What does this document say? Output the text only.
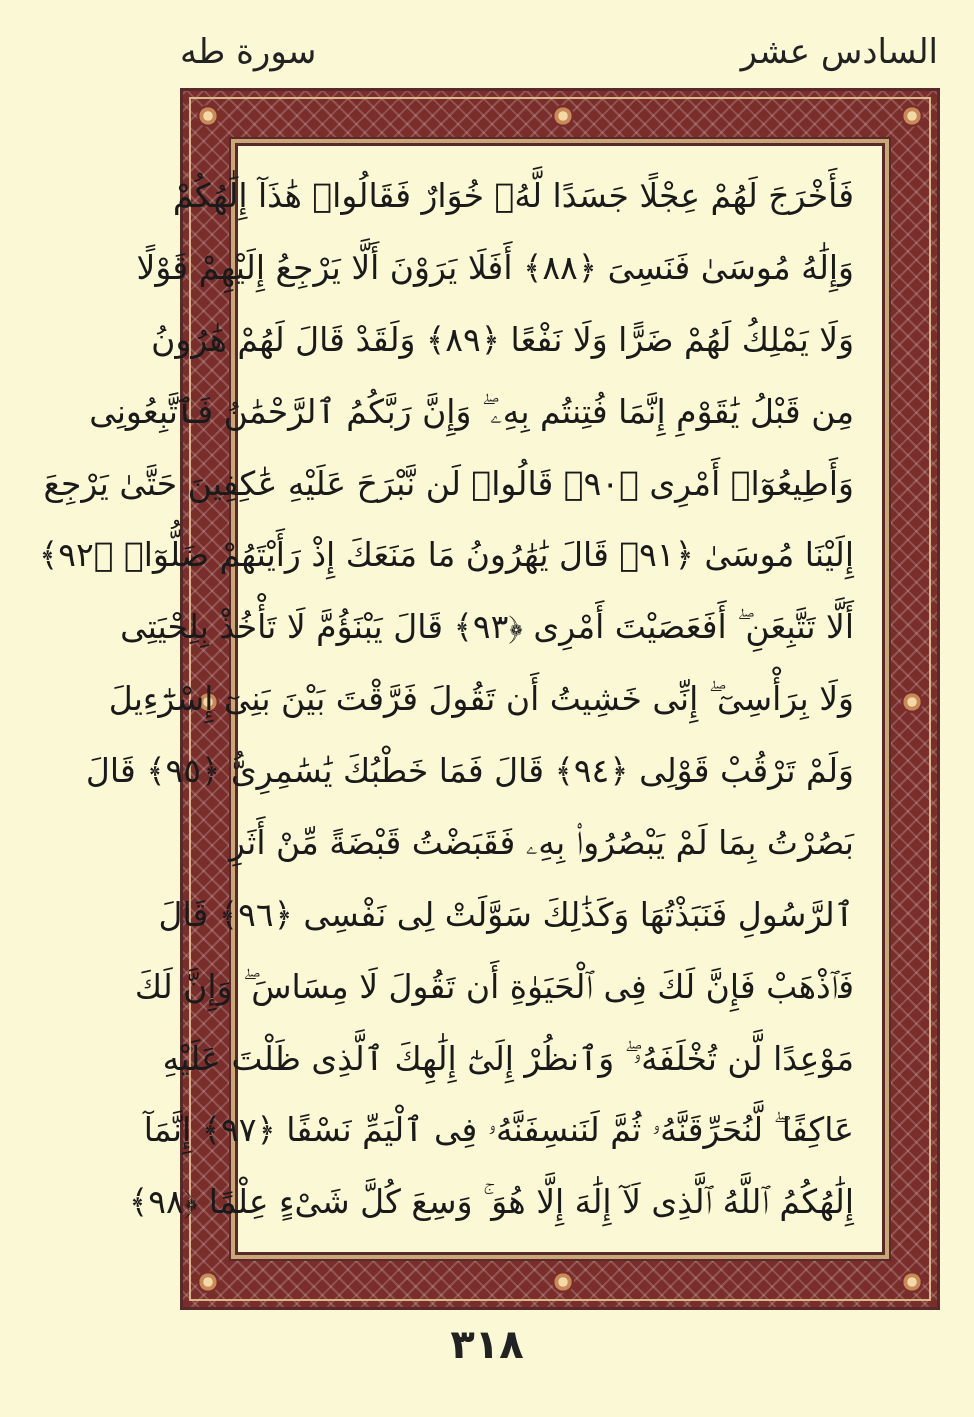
سورة طه	السادس عشر
فَأَخْرَجَ لَهُمْ عِجْلًا جَسَدًا لَّهُۥ خُوَارٌ فَقَالُوا۟ هَٰذَآ إِلَٰهُكُمْ
وَإِلَٰهُ مُوسَىٰ فَنَسِىَ ﴿٨٨﴾ أَفَلَا يَرَوْنَ أَلَّا يَرْجِعُ إِلَيْهِمْ قَوْلًا
وَلَا يَمْلِكُ لَهُمْ ضَرًّا وَلَا نَفْعًا ﴿٨٩﴾ وَلَقَدْ قَالَ لَهُمْ هَٰرُونُ
مِن قَبْلُ يَٰقَوْمِ إِنَّمَا فُتِنتُم بِهِۦ ۖ وَإِنَّ رَبَّكُمُ ٱلرَّحْمَٰنُ فَٱتَّبِعُونِى
وَأَطِيعُوٓا۟ أَمْرِى ﴿٩٠﴾ قَالُوا۟ لَن نَّبْرَحَ عَلَيْهِ عَٰكِفِينَ حَتَّىٰ يَرْجِعَ
إِلَيْنَا مُوسَىٰ ﴿٩١﴾ قَالَ يَٰهَٰرُونُ مَا مَنَعَكَ إِذْ رَأَيْتَهُمْ ضَلُّوٓا۟ ﴿٩٢﴾
أَلَّا تَتَّبِعَنِ ۖ أَفَعَصَيْتَ أَمْرِى ﴿٩٣﴾ قَالَ يَبْنَؤُمَّ لَا تَأْخُذْ بِلِحْيَتِى
وَلَا بِرَأْسِىٓ ۖ إِنِّى خَشِيتُ أَن تَقُولَ فَرَّقْتَ بَيْنَ بَنِىٓ إِسْرَٰٓءِيلَ
وَلَمْ تَرْقُبْ قَوْلِى ﴿٩٤﴾ قَالَ فَمَا خَطْبُكَ يَٰسَٰمِرِىُّ ﴿٩٥﴾ قَالَ
بَصُرْتُ بِمَا لَمْ يَبْصُرُوا۟ بِهِۦ فَقَبَضْتُ قَبْضَةً مِّنْ أَثَرِ
ٱلرَّسُولِ فَنَبَذْتُهَا وَكَذَٰلِكَ سَوَّلَتْ لِى نَفْسِى ﴿٩٦﴾ قَالَ
فَٱذْهَبْ فَإِنَّ لَكَ فِى ٱلْحَيَوٰةِ أَن تَقُولَ لَا مِسَاسَ ۖ وَإِنَّ لَكَ
مَوْعِدًا لَّن تُخْلَفَهُۥ ۖ وَٱنظُرْ إِلَىٰٓ إِلَٰهِكَ ٱلَّذِى ظَلْتَ عَلَيْهِ
عَاكِفًا ۖ لَّنُحَرِّقَنَّهُۥ ثُمَّ لَنَنسِفَنَّهُۥ فِى ٱلْيَمِّ نَسْفًا ﴿٩٧﴾ إِنَّمَآ
إِلَٰهُكُمُ ٱللَّهُ ٱلَّذِى لَآ إِلَٰهَ إِلَّا هُوَ ۚ وَسِعَ كُلَّ شَىْءٍ عِلْمًا ﴿٩٨﴾
٣١٨
